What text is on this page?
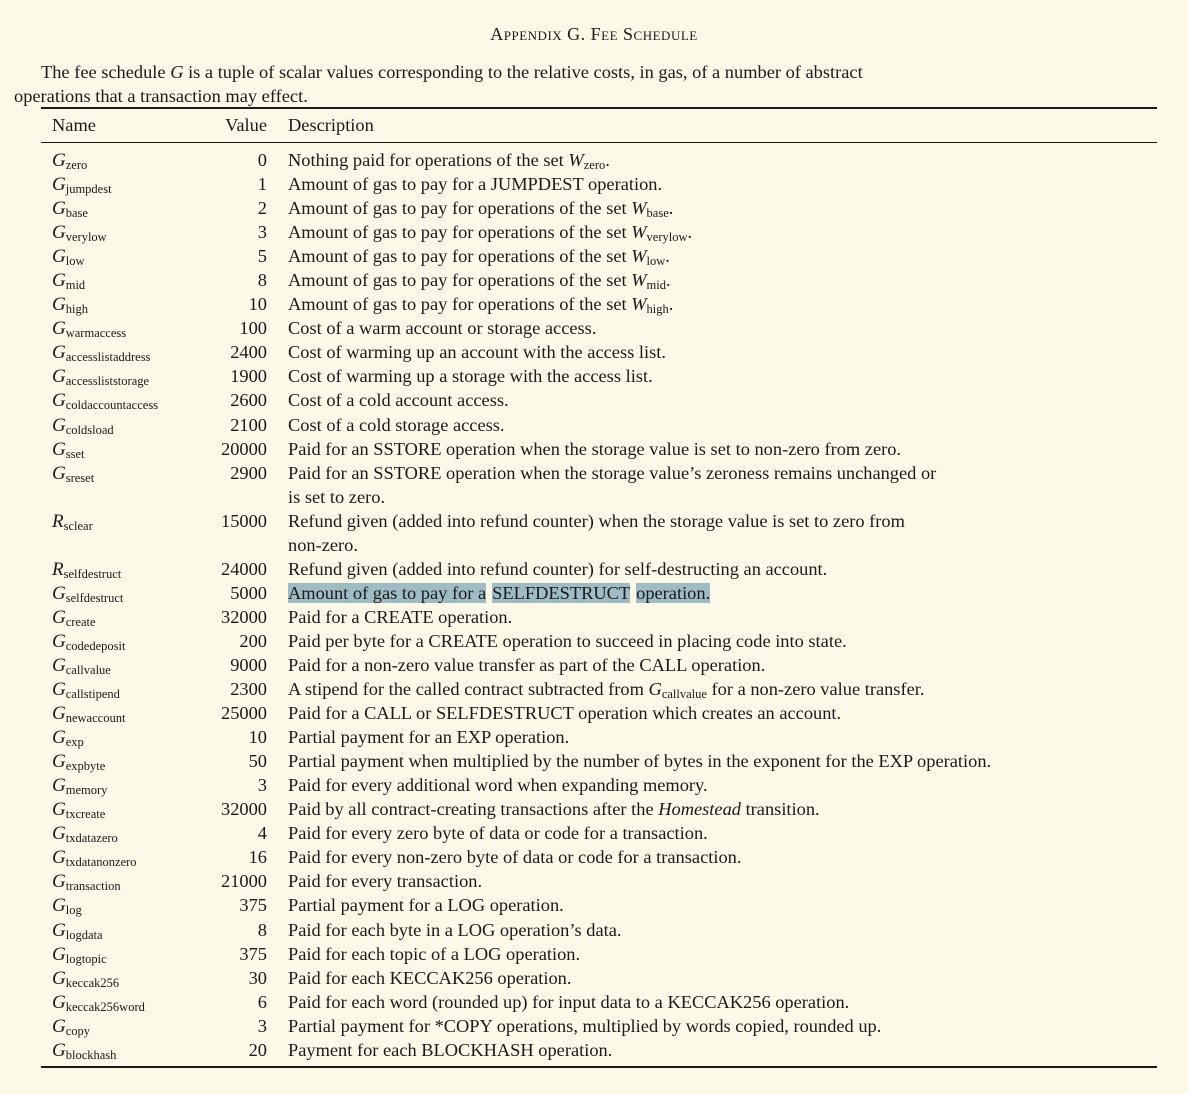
Appendix G. Fee Schedule
The fee schedule G is a tuple of scalar values corresponding to the relative costs, in gas, of a number of abstract
operations that a transaction may effect.
Name	Value Description
$G_{zero}$	0 Nothing paid for operations of the set $W_{zero}$.
$G_{jumpdest}$	1 Amount of gas to pay for a JUMPDEST operation.
$G_{base}$	2 Amount of gas to pay for operations of the set $W_{base}$.
$G_{verylow}$	3 Amount of gas to pay for operations of the set $W_{verylow}$.
$G_{low}$	5 Amount of gas to pay for operations of the set $W_{low}$.
$G_{mid}$	8 Amount of gas to pay for operations of the set $W_{mid}$.
$G_{high}$	10 Amount of gas to pay for operations of the set $W_{high}$.
$G_{warmaccess}$	100 Cost of a warm account or storage access.
$G_{accesslistaddress}$	2400 Cost of warming up an account with the access list.
$G_{accessliststorage}$	1900 Cost of warming up a storage with the access list.
$G_{coldaccountaccess}$	2600 Cost of a cold account access.
$G_{coldsload}$	2100 Cost of a cold storage access.
$G_{sset}$	20000 Paid for an SSTORE operation when the storage value is set to non-zero from zero.
$G_{sreset}$	2900 Paid for an SSTORE operation when the storage value’s zeroness remains unchanged or
is set to zero.
$R_{sclear}$	15000 Refund given (added into refund counter) when the storage value is set to zero from
non-zero.
$R_{selfdestruct}$	24000 Refund given (added into refund counter) for self-destructing an account.
$G_{selfdestruct}$	5000 Amount of gas to pay for a SELFDESTRUCT operation.
$G_{create}$	32000 Paid for a CREATE operation.
$G_{codedeposit}$	200 Paid per byte for a CREATE operation to succeed in placing code into state.
$G_{callvalue}$	9000 Paid for a non-zero value transfer as part of the CALL operation.
$G_{callstipend}$	2300 A stipend for the called contract subtracted from $G_{callvalue}$ for a non-zero value transfer.
$G_{newaccount}$	25000 Paid for a CALL or SELFDESTRUCT operation which creates an account.
$G_{exp}$	10 Partial payment for an EXP operation.
$G_{expbyte}$	50 Partial payment when multiplied by the number of bytes in the exponent for the EXP operation.
$G_{memory}$	3 Paid for every additional word when expanding memory.
$G_{txcreate}$	32000 Paid by all contract-creating transactions after the Homestead transition.
$G_{txdatazero}$	4 Paid for every zero byte of data or code for a transaction.
$G_{txdatanonzero}$	16 Paid for every non-zero byte of data or code for a transaction.
$G_{transaction}$	21000 Paid for every transaction.
$G_{log}$	375 Partial payment for a LOG operation.
$G_{logdata}$	8 Paid for each byte in a LOG operation’s data.
$G_{logtopic}$	375 Paid for each topic of a LOG operation.
$G_{keccak256}$	30 Paid for each KECCAK256 operation.
$G_{keccak256word}$	6 Paid for each word (rounded up) for input data to a KECCAK256 operation.
$G_{copy}$	3 Partial payment for *COPY operations, multiplied by words copied, rounded up.
$G_{blockhash}$	20 Payment for each BLOCKHASH operation.
